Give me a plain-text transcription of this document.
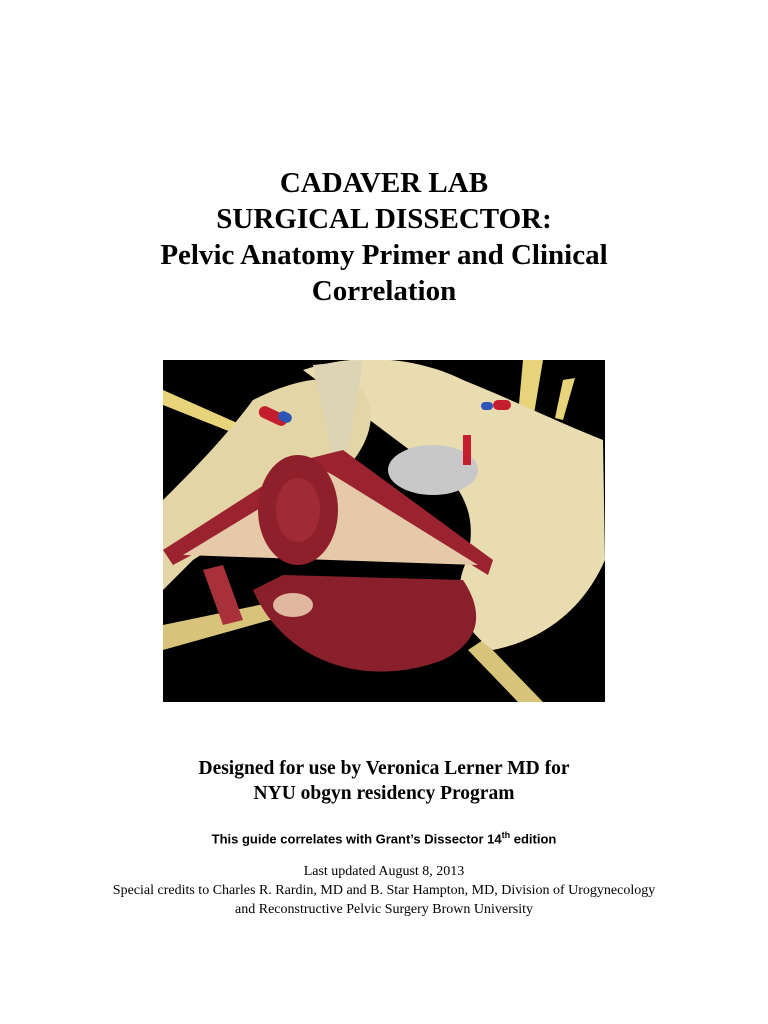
CADAVER LAB

SURGICAL DISSECTOR:

Pelvic Anatomy Primer and Clinical

Correlation

Designed for use by Veronica Lerner MD for
NYU obgyn residency Program
This guide correlates with Grant’s Dissector 14th edition
Last updated August 8, 2013
Special credits to Charles R. Rardin, MD and B. Star Hampton, MD, Division of Urogynecology
and Reconstructive Pelvic Surgery Brown University
